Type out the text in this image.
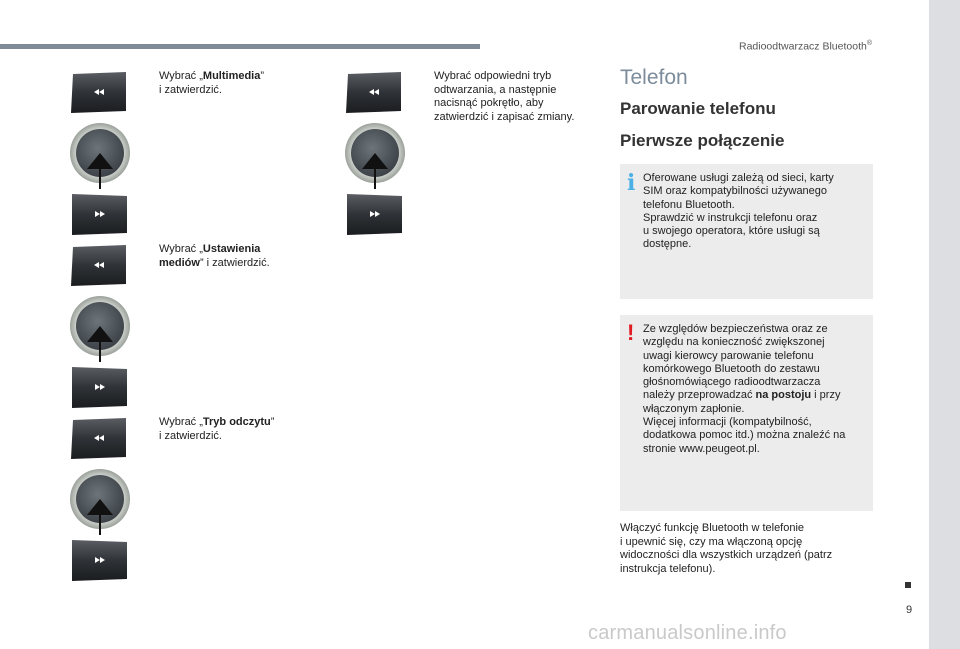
Radioodtwarzacz Bluetooth®
9
Wybrać „Multimedia”
i zatwierdzić.
Wybrać „Ustawienia
mediów” i zatwierdzić.
Wybrać „Tryb odczytu”
i zatwierdzić.
Wybrać odpowiedni tryb
odtwarzania, a następnie
nacisnąć pokrętło, aby
zatwierdzić i zapisać zmiany.
Telefon
Parowanie telefonu
Pierwsze połączenie
i Oferowane usługi zależą od sieci, karty

SIM oraz kompatybilności używanego

telefonu Bluetooth.

Sprawdzić w instrukcji telefonu oraz

u swojego operatora, które usługi są

dostępne.

! Ze względów bezpieczeństwa oraz ze

względu na konieczność zwiększonej

uwagi kierowcy parowanie telefonu

komórkowego Bluetooth do zestawu

głośnomówiącego radioodtwarzacza

należy przeprowadzać na postoju i przy

włączonym zapłonie.

Więcej informacji (kompatybilność,

dodatkowa pomoc itd.) można znaleźć na

stronie www.peugeot.pl.

Włączyć funkcję Bluetooth w telefonie
i upewnić się, czy ma włączoną opcję
widoczności dla wszystkich urządzeń (patrz
instrukcja telefonu).
carmanualsonline.info
